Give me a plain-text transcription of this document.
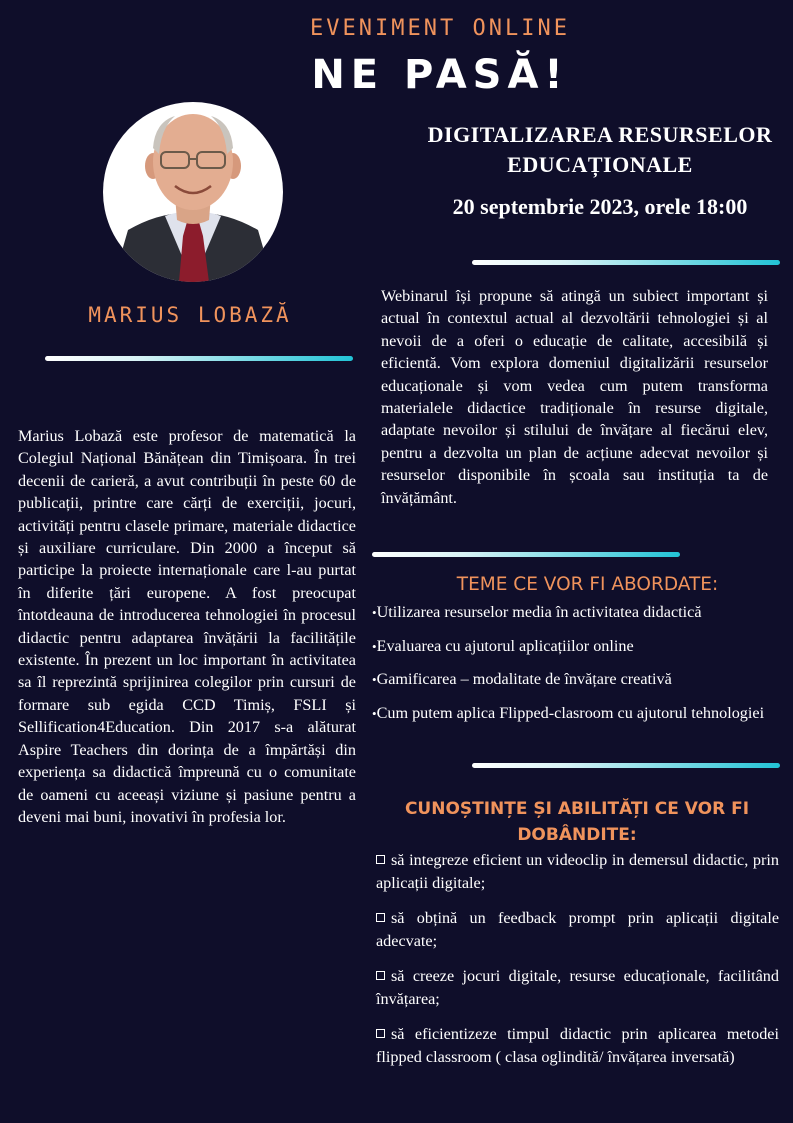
EVENIMENT ONLINE
NE PASĂ!
DIGITALIZAREA RESURSELOR EDUCAȚIONALE
20 septembrie 2023, orele 18:00
MARIUS LOBAZĂ
Marius Lobază este profesor de matematică la Colegiul Național Bănățean din Timișoara. În trei decenii de carieră, a avut contribuții în peste 60 de publicații, printre care cărți de exerciții, jocuri, activități pentru clasele primare, materiale didactice și auxiliare curriculare. Din 2000 a început să participe la proiecte internaționale care l-au purtat în diferite țări europene. A fost preocupat întotdeauna de introducerea tehnologiei în procesul didactic pentru adaptarea învățării la facilitățile existente. În prezent un loc important în activitatea sa îl reprezintă sprijinirea colegilor prin cursuri de formare sub egida CCD Timiș, FSLI și Sellification4Education. Din 2017 s-a alăturat Aspire Teachers din dorința de a împărtăși din experiența sa didactică împreună cu o comunitate de oameni cu aceeași viziune și pasiune pentru a deveni mai buni, inovativi în profesia lor.
Webinarul își propune să atingă un subiect important și actual în contextul actual al dezvoltării tehnologiei și al nevoii de a oferi o educație de calitate, accesibilă și eficientă. Vom explora domeniul digitalizării resurselor educaționale și vom vedea cum putem transforma materialele didactice tradiționale în resurse digitale, adaptate nevoilor și stilului de învățare al fiecărui elev, pentru a dezvolta un plan de acțiune adecvat nevoilor și resurselor disponibile în școala sau instituția ta de învățământ.
TEME CE VOR FI ABORDATE:
•Utilizarea resurselor media în activitatea didactică
•Evaluarea cu ajutorul aplicațiilor online
•Gamificarea – modalitate de învățare creativă
•Cum putem aplica Flipped-clasroom cu ajutorul tehnologiei
CUNOȘTINȚE ȘI ABILITĂȚI CE VOR FI DOBÂNDITE:
să integreze eficient un videoclip in demersul didactic, prin aplicații digitale;
să obțină un feedback prompt prin aplicații digitale adecvate;
să creeze jocuri digitale, resurse educaționale, facilitând învățarea;
să eficientizeze timpul didactic prin aplicarea metodei flipped classroom ( clasa oglindită/ învățarea inversată)
